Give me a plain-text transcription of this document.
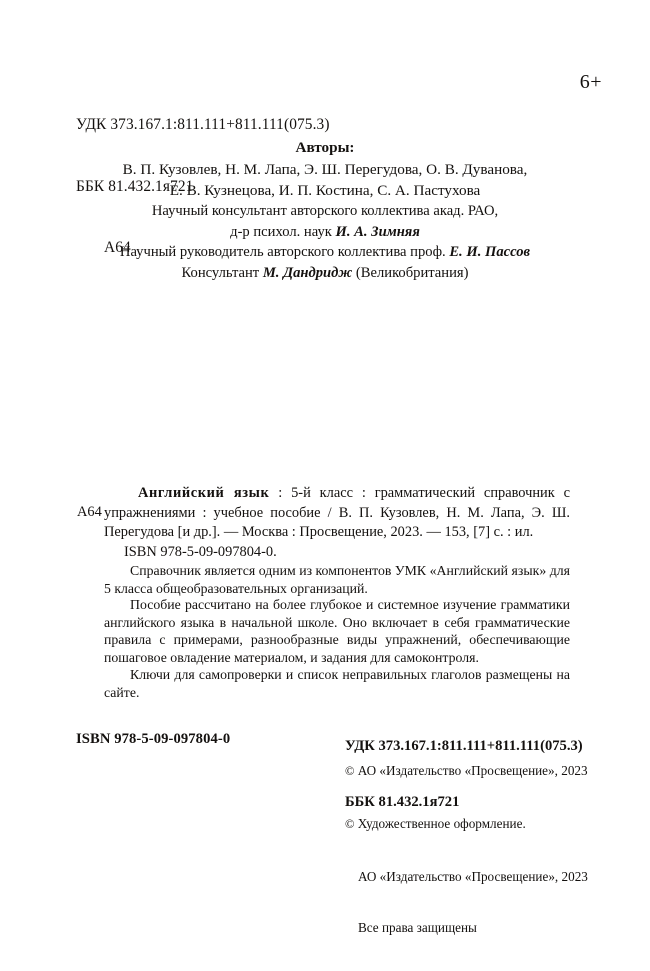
УДК 373.167.1:811.111+811.111(075.3)

ББК 81.432.1я721

А64

6+
Авторы:
В. П. Кузовлев, Н. М. Лапа, Э. Ш. Перегудова, О. В. Дуванова,
Е. В. Кузнецова, И. П. Костина, С. А. Пастухова
Научный консультант авторского коллектива акад. РАО,
д-р психол. наук И. А. Зимняя
Научный руководитель авторского коллектива проф. Е. И. Пассов
Консультант М. Дандридж (Великобритания)
А64

Английский язык : 5-й класс : грамматический справочник с упражнениями : учебное пособие / В. П. Кузовлев, Н. М. Лапа, Э. Ш. Перегудова [и др.]. — Москва : Просвещение, 2023. — 153, [7] с. : ил.

ISBN 978-5-09-097804-0.

Справочник является одним из компонентов УМК «Английский язык» для 5 класса общеобразовательных организаций.

Пособие рассчитано на более глубокое и системное изучение грамматики английского языка в начальной школе. Оно включает в себя грамматические правила с примерами, разнообразные виды упражнений, обеспечивающие пошаговое овладение материалом, и задания для самоконтроля.

Ключи для самопроверки и список неправильных глаголов размещены на сайте.

УДК 373.167.1:811.111+811.111(075.3)

ББК 81.432.1я721

ISBN 978-5-09-097804-0

© АО «Издательство «Просвещение», 2023

© Художественное оформление.

АО «Издательство «Просвещение», 2023

Все права защищены
